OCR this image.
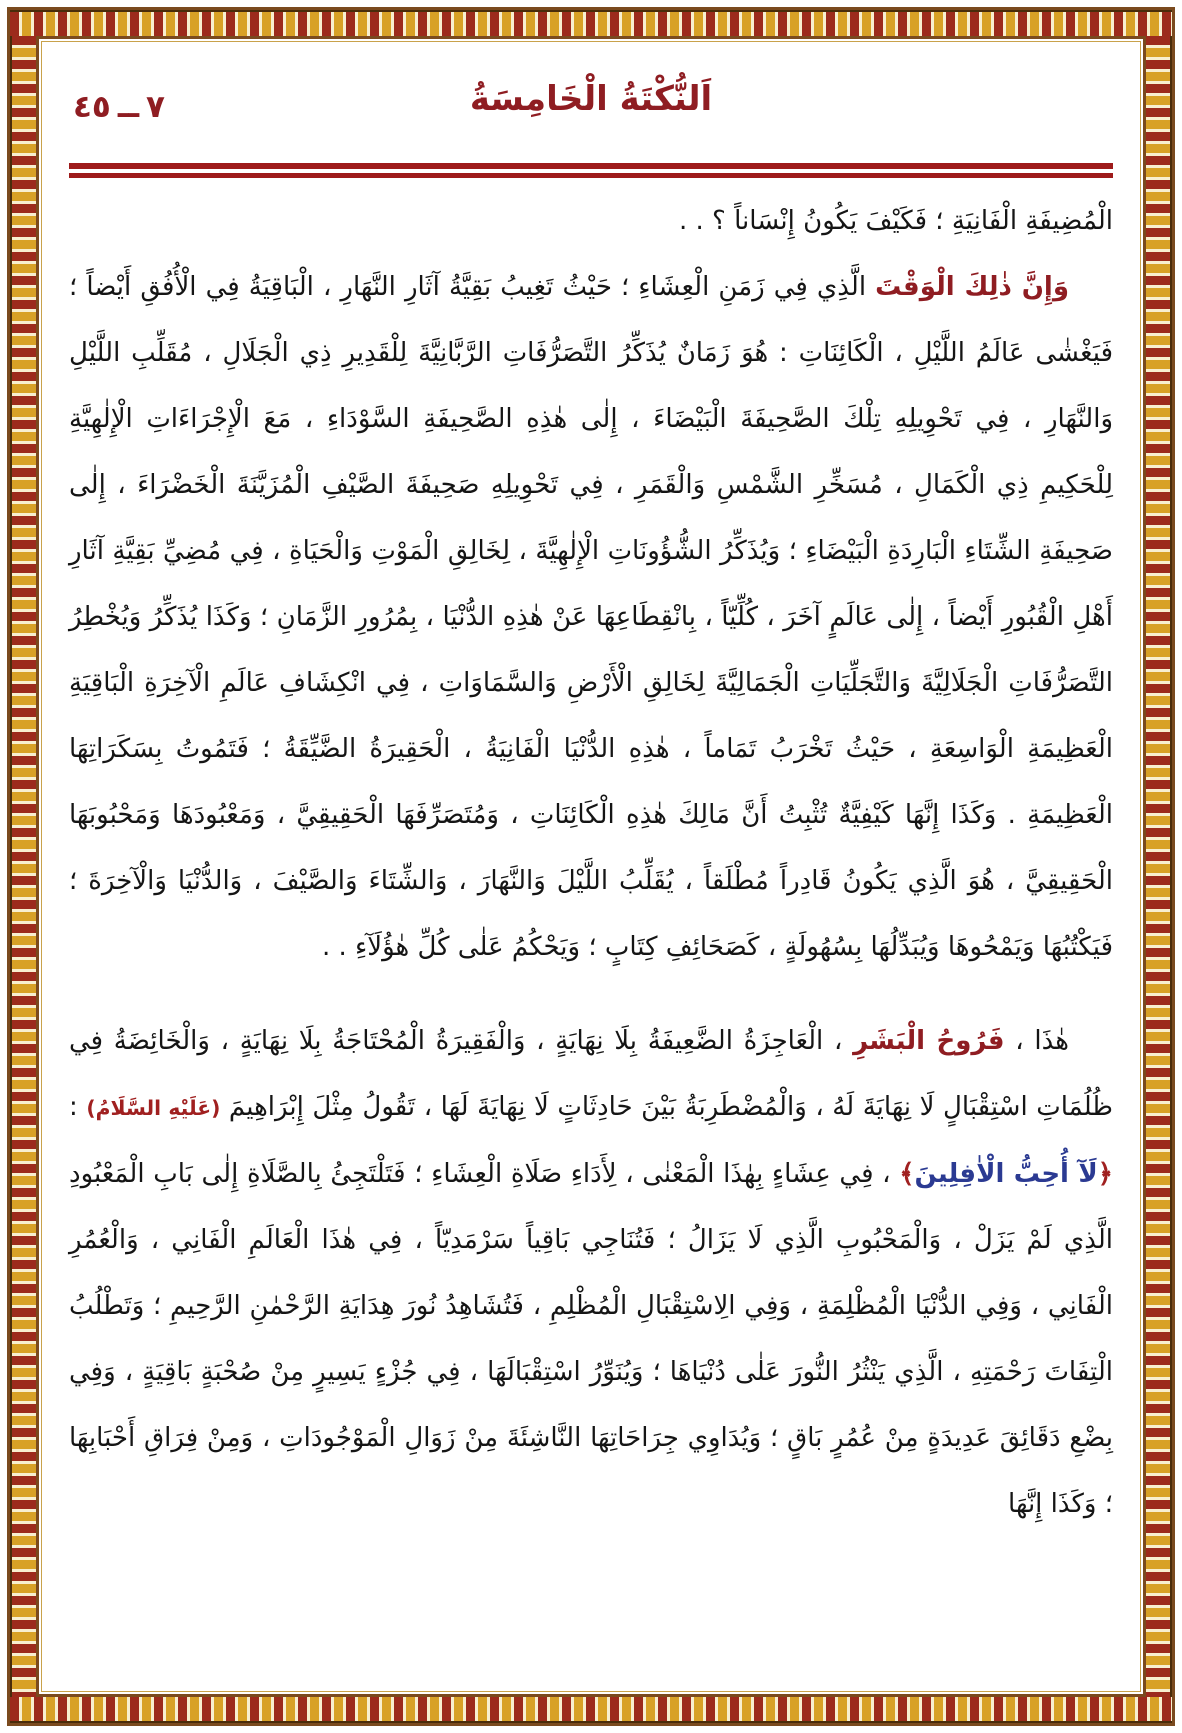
٤٥ ــ ٧	اَلنُّكْتَةُ الْخَامِسَةُ

الْمُضِيفَةِ الْفَانِيَةِ ؛ فَكَيْفَ يَكُونُ إِنْسَاناً ؟ . .

وَإِنَّ ذٰلِكَ الْوَقْتَ الَّذِي فِي زَمَنِ الْعِشَاءِ ؛ حَيْثُ تَغِيبُ بَقِيَّةُ آثَارِ النَّهَارِ ، الْبَاقِيَةُ فِي الْأُفُقِ أَيْضاً ؛ فَيَغْشٰى عَالَمُ اللَّيْلِ ، الْكَائِنَاتِ : هُوَ زَمَانٌ يُذَكِّرُ التَّصَرُّفَاتِ الرَّبَّانِيَّةَ لِلْقَدِيرِ ذِي الْجَلَالِ ، مُقَلِّبِ اللَّيْلِ وَالنَّهَارِ ، فِي تَحْوِيلِهِ تِلْكَ الصَّحِيفَةَ الْبَيْضَاءَ ، إِلٰى هٰذِهِ الصَّحِيفَةِ السَّوْدَاءِ ، مَعَ الْإِجْرَاءَاتِ الْإِلٰهِيَّةِ لِلْحَكِيمِ ذِي الْكَمَالِ ، مُسَخِّرِ الشَّمْسِ وَالْقَمَرِ ، فِي تَحْوِيلِهِ صَحِيفَةَ الصَّيْفِ الْمُزَيَّنَةَ الْخَضْرَاءَ ، إِلٰى صَحِيفَةِ الشِّتَاءِ الْبَارِدَةِ الْبَيْضَاءِ ؛ وَيُذَكِّرُ الشُّؤُونَاتِ الْإِلٰهِيَّةَ ، لِخَالِقِ الْمَوْتِ وَالْحَيَاةِ ، فِي مُضِيِّ بَقِيَّةِ آثَارِ أَهْلِ الْقُبُورِ أَيْضاً ، إِلٰى عَالَمٍ آخَرَ ، كُلِّيّاً ، بِانْقِطَاعِهَا عَنْ هٰذِهِ الدُّنْيَا ، بِمُرُورِ الزَّمَانِ ؛ وَكَذَا يُذَكِّرُ وَيُخْطِرُ التَّصَرُّفَاتِ الْجَلَالِيَّةَ وَالتَّجَلِّيَاتِ الْجَمَالِيَّةَ لِخَالِقِ الْأَرْضِ وَالسَّمَاوَاتِ ، فِي انْكِشَافِ عَالَمِ الْآخِرَةِ الْبَاقِيَةِ الْعَظِيمَةِ الْوَاسِعَةِ ، حَيْثُ تَخْرَبُ تَمَاماً ، هٰذِهِ الدُّنْيَا الْفَانِيَةُ ، الْحَقِيرَةُ الضَّيِّقَةُ ؛ فَتَمُوتُ بِسَكَرَاتِهَا الْعَظِيمَةِ . وَكَذَا إِنَّهَا كَيْفِيَّةٌ تُثْبِتُ أَنَّ مَالِكَ هٰذِهِ الْكَائِنَاتِ ، وَمُتَصَرِّفَهَا الْحَقِيقِيَّ ، وَمَعْبُودَهَا وَمَحْبُوبَهَا الْحَقِيقِيَّ ، هُوَ الَّذِي يَكُونُ قَادِراً مُطْلَقاً ، يُقَلِّبُ اللَّيْلَ وَالنَّهَارَ ، وَالشِّتَاءَ وَالصَّيْفَ ، وَالدُّنْيَا وَالْآخِرَةَ ؛ فَيَكْتُبُهَا وَيَمْحُوهَا وَيُبَدِّلُهَا بِسُهُولَةٍ ، كَصَحَائِفِ كِتَابٍ ؛ وَيَحْكُمُ عَلٰى كُلِّ هٰؤُلَآءِ . .

هٰذَا ، فَرُوحُ الْبَشَرِ ، الْعَاجِزَةُ الضَّعِيفَةُ بِلَا نِهَايَةٍ ، وَالْفَقِيرَةُ الْمُحْتَاجَةُ بِلَا نِهَايَةٍ ، وَالْخَائِضَةُ فِي ظُلُمَاتِ اسْتِقْبَالٍ لَا نِهَايَةَ لَهُ ، وَالْمُضْطَرِبَةُ بَيْنَ حَادِثَاتٍ لَا نِهَايَةَ لَهَا ، تَقُولُ مِثْلَ إِبْرَاهِيمَ (عَلَيْهِ السَّلَامُ) : ﴿لَآ أُحِبُّ الْاٰفِلِينَ﴾ ، فِي عِشَاءٍ بِهٰذَا الْمَعْنٰى ، لِأَدَاءِ صَلَاةِ الْعِشَاءِ ؛ فَتَلْتَجِئُ بِالصَّلَاةِ إِلٰى بَابِ الْمَعْبُودِ الَّذِي لَمْ يَزَلْ ، وَالْمَحْبُوبِ الَّذِي لَا يَزَالُ ؛ فَتُنَاجِي بَاقِياً سَرْمَدِيّاً ، فِي هٰذَا الْعَالَمِ الْفَانِي ، وَالْعُمُرِ الْفَانِي ، وَفِي الدُّنْيَا الْمُظْلِمَةِ ، وَفِي الِاسْتِقْبَالِ الْمُظْلِمِ ، فَتُشَاهِدُ نُورَ هِدَايَةِ الرَّحْمٰنِ الرَّحِيمِ ؛ وَتَطْلُبُ الْتِفَاتَ رَحْمَتِهِ ، الَّذِي يَنْثُرُ النُّورَ عَلٰى دُنْيَاهَا ؛ وَيُنَوِّرُ اسْتِقْبَالَهَا ، فِي جُزْءٍ يَسِيرٍ مِنْ صُحْبَةٍ بَاقِيَةٍ ، وَفِي بِضْعِ دَقَائِقَ عَدِيدَةٍ مِنْ عُمُرٍ بَاقٍ ؛ وَيُدَاوِي جِرَاحَاتِهَا النَّاشِئَةَ مِنْ زَوَالِ الْمَوْجُودَاتِ ، وَمِنْ فِرَاقِ أَحْبَابِهَا ؛ وَكَذَا إِنَّهَا
